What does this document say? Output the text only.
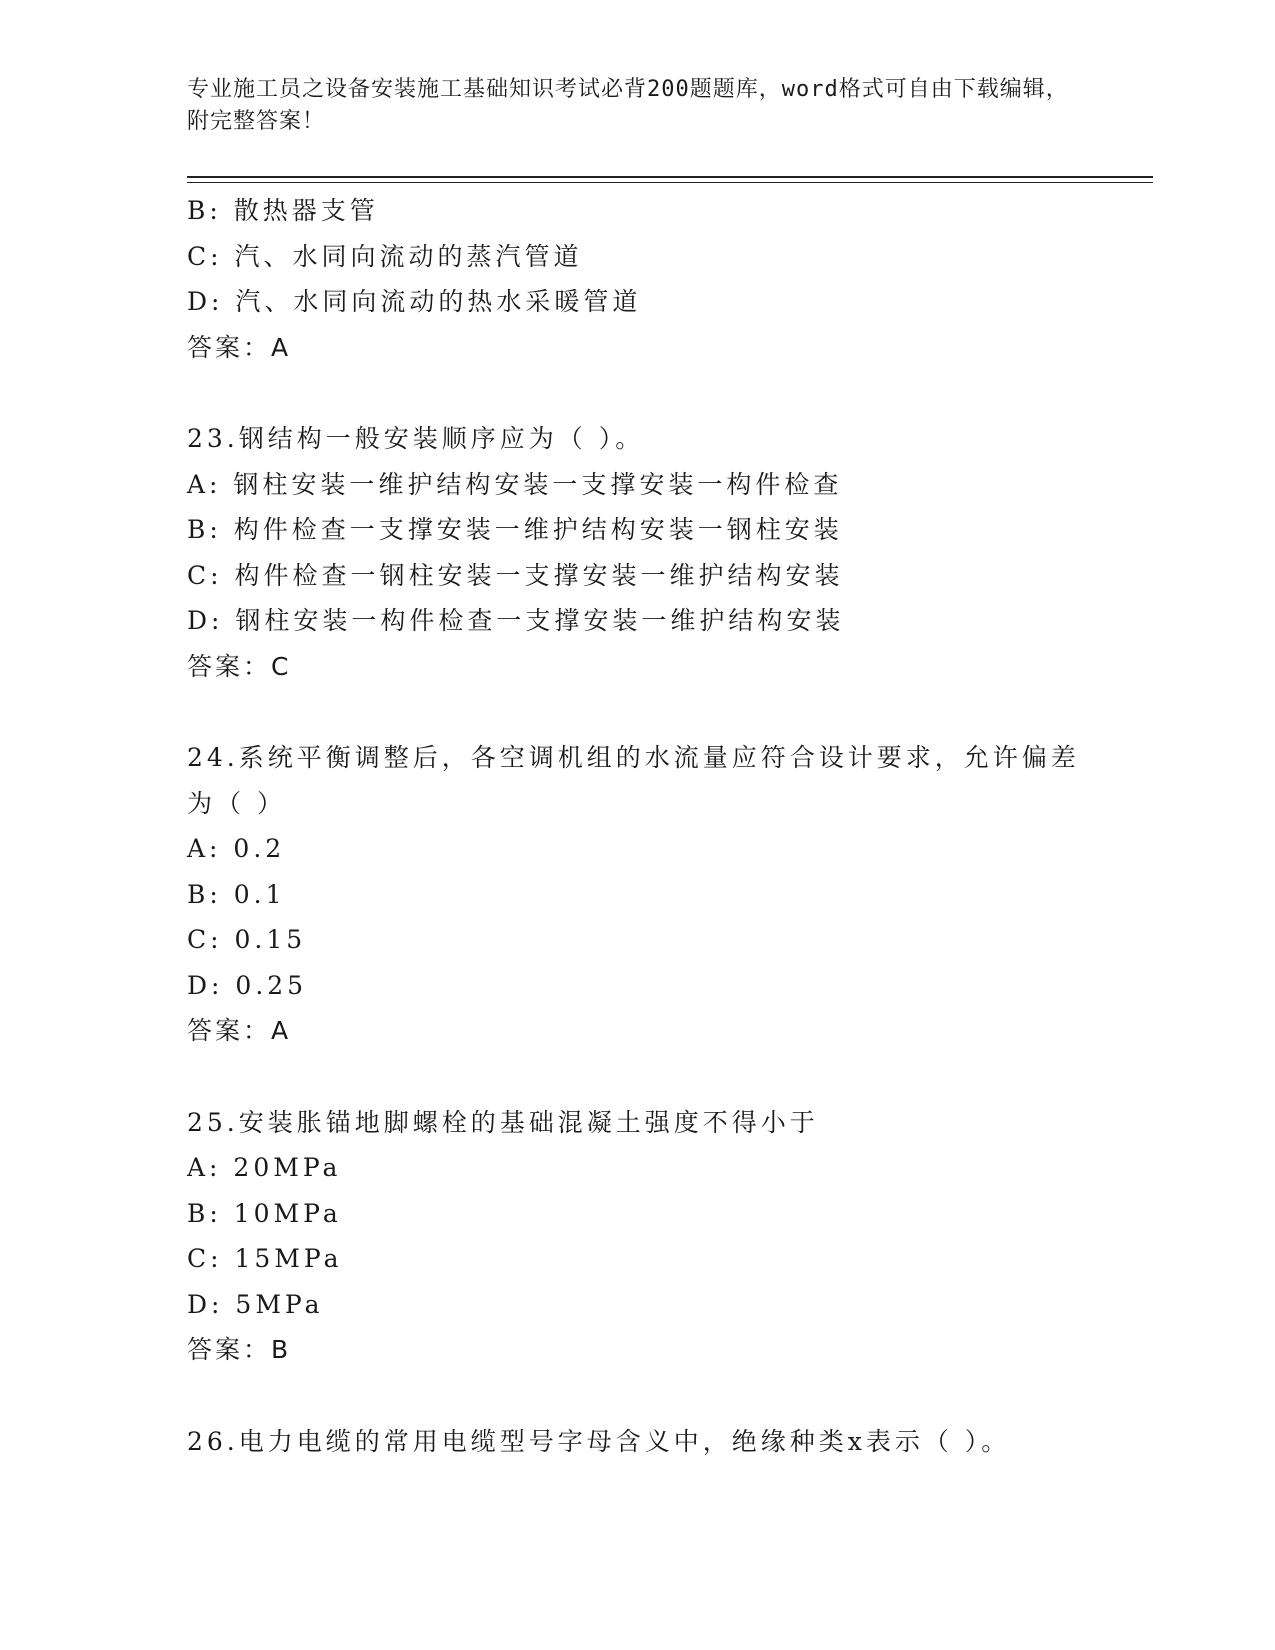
专业施工员之设备安装施工基础知识考试必背200题题库，word格式可自由下载编辑，附完整答案！
B: 散热器支管
C: 汽、水同向流动的蒸汽管道
D: 汽、水同向流动的热水采暖管道
答案：A
23.钢结构一般安装顺序应为（ ）。
A: 钢柱安装一维护结构安装一支撑安装一构件检查
B: 构件检查一支撑安装一维护结构安装一钢柱安装
C: 构件检查一钢柱安装一支撑安装一维护结构安装
D: 钢柱安装一构件检查一支撑安装一维护结构安装
答案：C
24.系统平衡调整后，各空调机组的水流量应符合设计要求，允许偏差
为（ ）
A: 0.2
B: 0.1
C: 0.15
D: 0.25
答案：A
25.安装胀锚地脚螺栓的基础混凝土强度不得小于
A: 20MPa
B: 10MPa
C: 15MPa
D: 5MPa
答案：B
26.电力电缆的常用电缆型号字母含义中，绝缘种类x表示（ ）。
